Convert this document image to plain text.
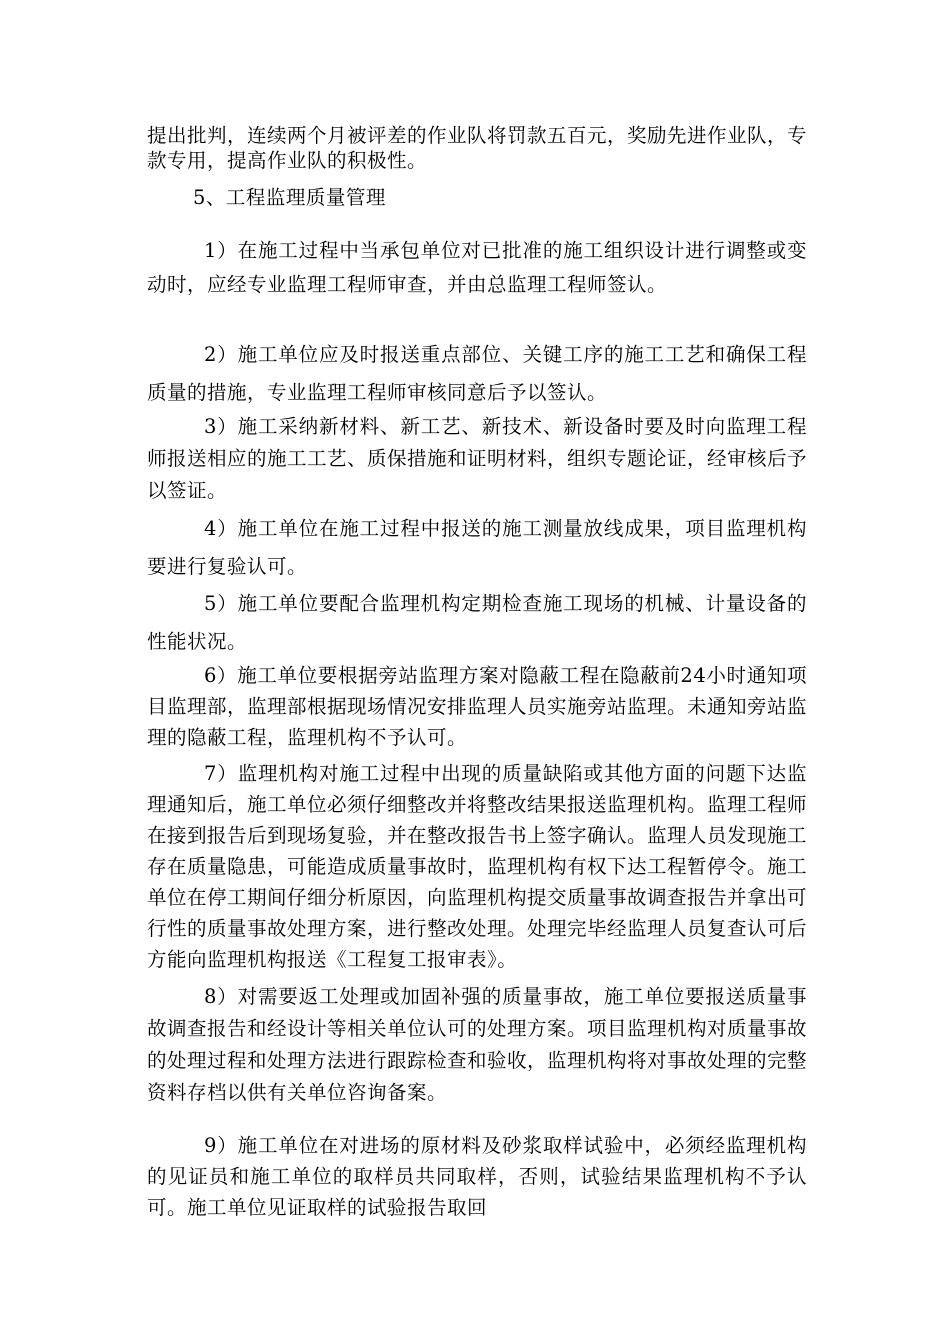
提出批判，连续两个月被评差的作业队将罚款五百元，奖励先进作业队，专款专用，提高作业队的积极性。

5、工程监理质量管理

1）在施工过程中当承包单位对已批准的施工组织设计进行调整或变动时，应经专业监理工程师审查，并由总监理工程师签认。

2）施工单位应及时报送重点部位、关键工序的施工工艺和确保工程质量的措施，专业监理工程师审核同意后予以签认。

3）施工采纳新材料、新工艺、新技术、新设备时要及时向监理工程师报送相应的施工工艺、质保措施和证明材料，组织专题论证，经审核后予以签证。

4）施工单位在施工过程中报送的施工测量放线成果，项目监理机构要进行复验认可。

5）施工单位要配合监理机构定期检查施工现场的机械、计量设备的性能状况。

6）施工单位要根据旁站监理方案对隐蔽工程在隐蔽前24小时通知项目监理部，监理部根据现场情况安排监理人员实施旁站监理。未通知旁站监理的隐蔽工程，监理机构不予认可。

7）监理机构对施工过程中出现的质量缺陷或其他方面的问题下达监理通知后，施工单位必须仔细整改并将整改结果报送监理机构。监理工程师在接到报告后到现场复验，并在整改报告书上签字确认。监理人员发现施工存在质量隐患，可能造成质量事故时，监理机构有权下达工程暂停令。施工单位在停工期间仔细分析原因，向监理机构提交质量事故调查报告并拿出可行性的质量事故处理方案，进行整改处理。处理完毕经监理人员复查认可后方能向监理机构报送《工程复工报审表》。

8）对需要返工处理或加固补强的质量事故，施工单位要报送质量事故调查报告和经设计等相关单位认可的处理方案。项目监理机构对质量事故的处理过程和处理方法进行跟踪检查和验收，监理机构将对事故处理的完整资料存档以供有关单位咨询备案。

9）施工单位在对进场的原材料及砂浆取样试验中，必须经监理机构的见证员和施工单位的取样员共同取样，否则，试验结果监理机构不予认可。施工单位见证取样的试验报告取回
